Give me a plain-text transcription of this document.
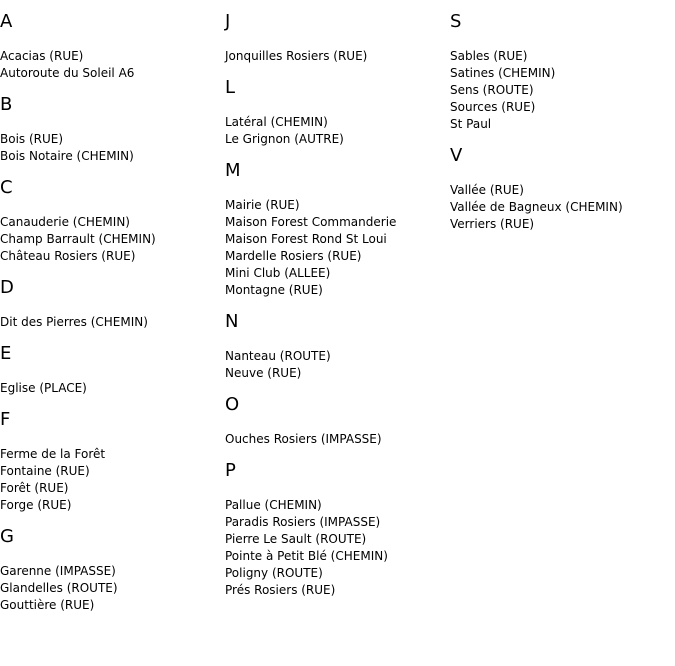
A
Acacias (RUE)
Autoroute du Soleil A6
B
Bois (RUE)
Bois Notaire (CHEMIN)
C
Canauderie (CHEMIN)
Champ Barrault (CHEMIN)
Château Rosiers (RUE)
D
Dit des Pierres (CHEMIN)
E
Eglise (PLACE)
F
Ferme de la Forêt
Fontaine (RUE)
Forêt (RUE)
Forge (RUE)
G
Garenne (IMPASSE)
Glandelles (ROUTE)
Gouttière (RUE)
J
Jonquilles Rosiers (RUE)
L
Latéral (CHEMIN)
Le Grignon (AUTRE)
M
Mairie (RUE)
Maison Forest Commanderie
Maison Forest Rond St Loui
Mardelle Rosiers (RUE)
Mini Club (ALLEE)
Montagne (RUE)
N
Nanteau (ROUTE)
Neuve (RUE)
O
Ouches Rosiers (IMPASSE)
P
Pallue (CHEMIN)
Paradis Rosiers (IMPASSE)
Pierre Le Sault (ROUTE)
Pointe à Petit Blé (CHEMIN)
Poligny (ROUTE)
Prés Rosiers (RUE)
S
Sables (RUE)
Satines (CHEMIN)
Sens (ROUTE)
Sources (RUE)
St Paul
V
Vallée (RUE)
Vallée de Bagneux (CHEMIN)
Verriers (RUE)
